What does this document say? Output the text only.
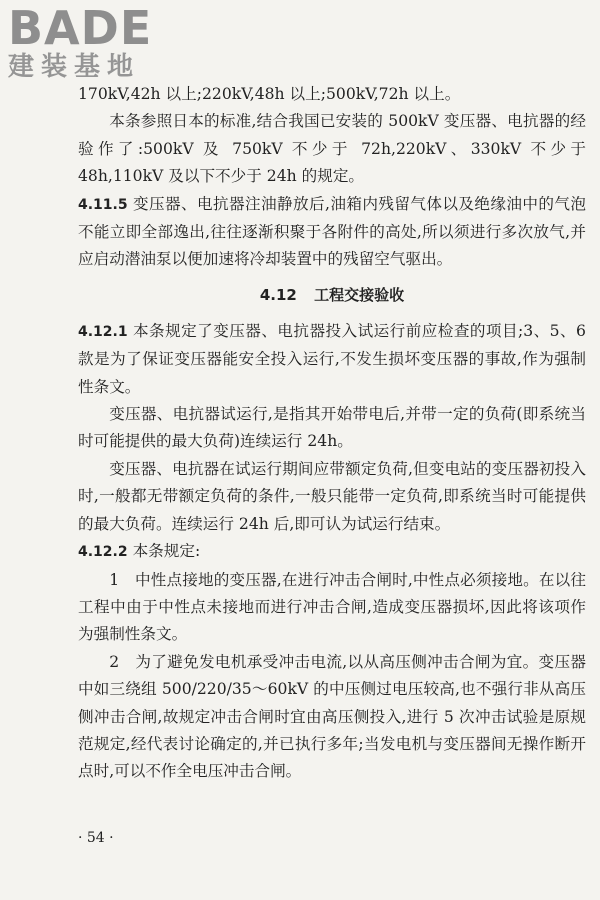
BADE
建装基地

170kV,42h 以上;220kV,48h 以上;500kV,72h 以上。

本条参照日本的标准,结合我国已安装的 500kV 变压器、电抗器的经验作了:500kV 及 750kV 不少于 72h,220kV、330kV 不少于 48h,110kV 及以下不少于 24h 的规定。

4.11.5 变压器、电抗器注油静放后,油箱内残留气体以及绝缘油中的气泡不能立即全部逸出,往往逐渐积聚于各附件的高处,所以须进行多次放气,并应启动潜油泵以便加速将冷却装置中的残留空气驱出。

4.12 工程交接验收

4.12.1 本条规定了变压器、电抗器投入试运行前应检查的项目;3、5、6 款是为了保证变压器能安全投入运行,不发生损坏变压器的事故,作为强制性条文。

变压器、电抗器试运行,是指其开始带电后,并带一定的负荷(即系统当时可能提供的最大负荷)连续运行 24h。

变压器、电抗器在试运行期间应带额定负荷,但变电站的变压器初投入时,一般都无带额定负荷的条件,一般只能带一定负荷,即系统当时可能提供的最大负荷。连续运行 24h 后,即可认为试运行结束。

4.12.2 本条规定:

1　中性点接地的变压器,在进行冲击合闸时,中性点必须接地。在以往工程中由于中性点未接地而进行冲击合闸,造成变压器损坏,因此将该项作为强制性条文。

2　为了避免发电机承受冲击电流,以从高压侧冲击合闸为宜。变压器中如三绕组 500/220/35～60kV 的中压侧过电压较高,也不强行非从高压侧冲击合闸,故规定冲击合闸时宜由高压侧投入,进行 5 次冲击试验是原规范规定,经代表讨论确定的,并已执行多年;当发电机与变压器间无操作断开点时,可以不作全电压冲击合闸。

· 54 ·
